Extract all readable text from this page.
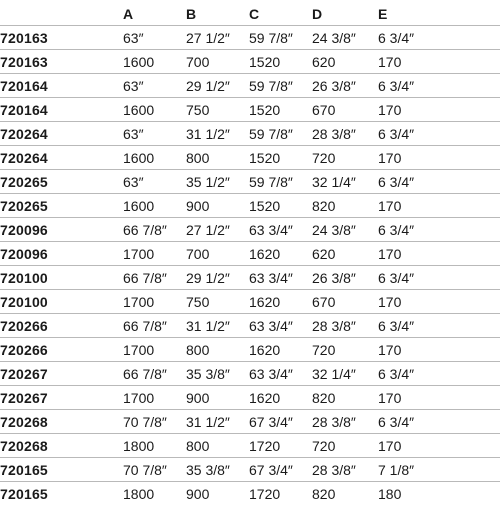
	A	B	C	D	E
720163	63″	27 1/2″	59 7/8″	24 3/8″	6 3/4″
720163	1600	700	1520	620	170
720164	63″	29 1/2″	59 7/8″	26 3/8″	6 3/4″
720164	1600	750	1520	670	170
720264	63″	31 1/2″	59 7/8″	28 3/8″	6 3/4″
720264	1600	800	1520	720	170
720265	63″	35 1/2″	59 7/8″	32 1/4″	6 3/4″
720265	1600	900	1520	820	170
720096	66 7/8″	27 1/2″	63 3/4″	24 3/8″	6 3/4″
720096	1700	700	1620	620	170
720100	66 7/8″	29 1/2″	63 3/4″	26 3/8″	6 3/4″
720100	1700	750	1620	670	170
720266	66 7/8″	31 1/2″	63 3/4″	28 3/8″	6 3/4″
720266	1700	800	1620	720	170
720267	66 7/8″	35 3/8″	63 3/4″	32 1/4″	6 3/4″
720267	1700	900	1620	820	170
720268	70 7/8″	31 1/2″	67 3/4″	28 3/8″	6 3/4″
720268	1800	800	1720	720	170
720165	70 7/8″	35 3/8″	67 3/4″	28 3/8″	7 1/8″
720165	1800	900	1720	820	180
